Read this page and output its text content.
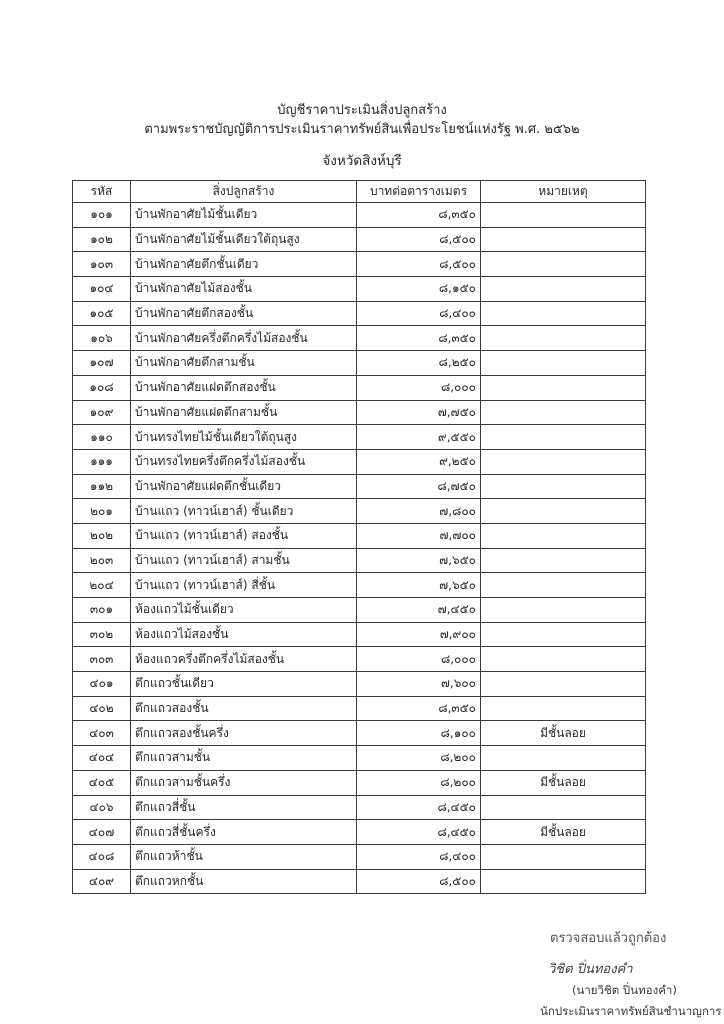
บัญชีราคาประเมินสิ่งปลูกสร้าง
ตามพระราชบัญญัติการประเมินราคาทรัพย์สินเพื่อประโยชน์แห่งรัฐ พ.ศ. ๒๕๖๒
จังหวัดสิงห์บุรี
รหัส	สิ่งปลูกสร้าง	บาทต่อตารางเมตร	หมายเหตุ
๑๐๑	บ้านพักอาศัยไม้ชั้นเดียว	๘,๓๕๐	
๑๐๒	บ้านพักอาศัยไม้ชั้นเดียวใต้ถุนสูง	๘,๕๐๐	
๑๐๓	บ้านพักอาศัยตึกชั้นเดียว	๘,๕๐๐	
๑๐๔	บ้านพักอาศัยไม้สองชั้น	๘,๑๕๐	
๑๐๕	บ้านพักอาศัยตึกสองชั้น	๘,๔๐๐	
๑๐๖	บ้านพักอาศัยครึ่งตึกครึ่งไม้สองชั้น	๘,๓๕๐	
๑๐๗	บ้านพักอาศัยตึกสามชั้น	๘,๒๕๐	
๑๐๘	บ้านพักอาศัยแฝดตึกสองชั้น	๘,๐๐๐	
๑๐๙	บ้านพักอาศัยแฝดตึกสามชั้น	๗,๗๕๐	
๑๑๐	บ้านทรงไทยไม้ชั้นเดียวใต้ถุนสูง	๙,๕๕๐	
๑๑๑	บ้านทรงไทยครึ่งตึกครึ่งไม้สองชั้น	๙,๒๕๐	
๑๑๒	บ้านพักอาศัยแฝดตึกชั้นเดียว	๘,๗๕๐	
๒๐๑	บ้านแถว (ทาวน์เฮาส์) ชั้นเดียว	๗,๘๐๐	
๒๐๒	บ้านแถว (ทาวน์เฮาส์) สองชั้น	๗,๗๐๐	
๒๐๓	บ้านแถว (ทาวน์เฮาส์) สามชั้น	๗,๖๕๐	
๒๐๔	บ้านแถว (ทาวน์เฮาส์) สี่ชั้น	๗,๖๕๐	
๓๐๑	ห้องแถวไม้ชั้นเดียว	๗,๔๕๐	
๓๐๒	ห้องแถวไม้สองชั้น	๗,๙๐๐	
๓๐๓	ห้องแถวครึ่งตึกครึ่งไม้สองชั้น	๘,๐๐๐	
๔๐๑	ตึกแถวชั้นเดียว	๗,๖๐๐	
๔๐๒	ตึกแถวสองชั้น	๘,๓๕๐	
๔๐๓	ตึกแถวสองชั้นครึ่ง	๘,๑๐๐	มีชั้นลอย
๔๐๔	ตึกแถวสามชั้น	๘,๒๐๐	
๔๐๕	ตึกแถวสามชั้นครึ่ง	๘,๒๐๐	มีชั้นลอย
๔๐๖	ตึกแถวสี่ชั้น	๘,๔๕๐	
๔๐๗	ตึกแถวสี่ชั้นครึ่ง	๘,๔๕๐	มีชั้นลอย
๔๐๘	ตึกแถวห้าชั้น	๘,๔๐๐	
๔๐๙	ตึกแถวหกชั้น	๘,๕๐๐	
ตรวจสอบแล้วถูกต้อง
วิชิต ปิ่นทองคำ
(นายวิชิต ปิ่นทองคำ)
นักประเมินราคาทรัพย์สินชำนาญการ
